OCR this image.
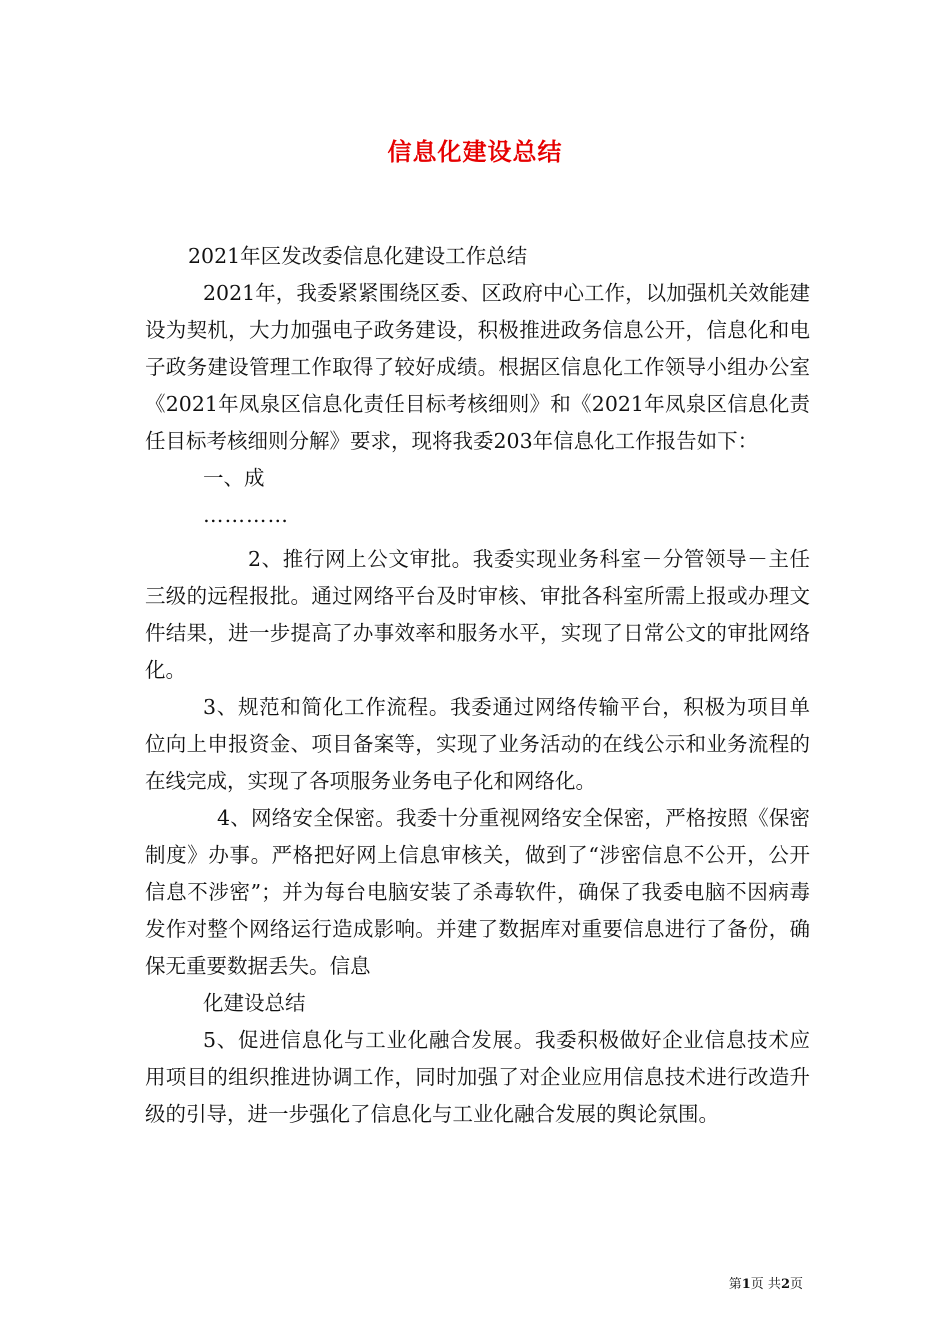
信息化建设总结

2021年区发改委信息化建设工作总结

2021年，我委紧紧围绕区委、区政府中心工作，以加强机关效能建设为契机，大力加强电子政务建设，积极推进政务信息公开，信息化和电子政务建设管理工作取得了较好成绩。根据区信息化工作领导小组办公室《2021年凤泉区信息化责任目标考核细则》和《2021年凤泉区信息化责任目标考核细则分解》要求，现将我委203年信息化工作报告如下：

一、成

…………

2、推行网上公文审批。我委实现业务科室－分管领导－主任三级的远程报批。通过网络平台及时审核、审批各科室所需上报或办理文件结果，进一步提高了办事效率和服务水平，实现了日常公文的审批网络化。

3、规范和简化工作流程。我委通过网络传输平台，积极为项目单位向上申报资金、项目备案等，实现了业务活动的在线公示和业务流程的在线完成，实现了各项服务业务电子化和网络化。

4、网络安全保密。我委十分重视网络安全保密，严格按照《保密制度》办事。严格把好网上信息审核关，做到了“涉密信息不公开，公开信息不涉密”；并为每台电脑安装了杀毒软件，确保了我委电脑不因病毒发作对整个网络运行造成影响。并建了数据库对重要信息进行了备份，确保无重要数据丢失。信息

化建设总结

5、促进信息化与工业化融合发展。我委积极做好企业信息技术应用项目的组织推进协调工作，同时加强了对企业应用信息技术进行改造升级的引导，进一步强化了信息化与工业化融合发展的舆论氛围。

第1页 共2页
